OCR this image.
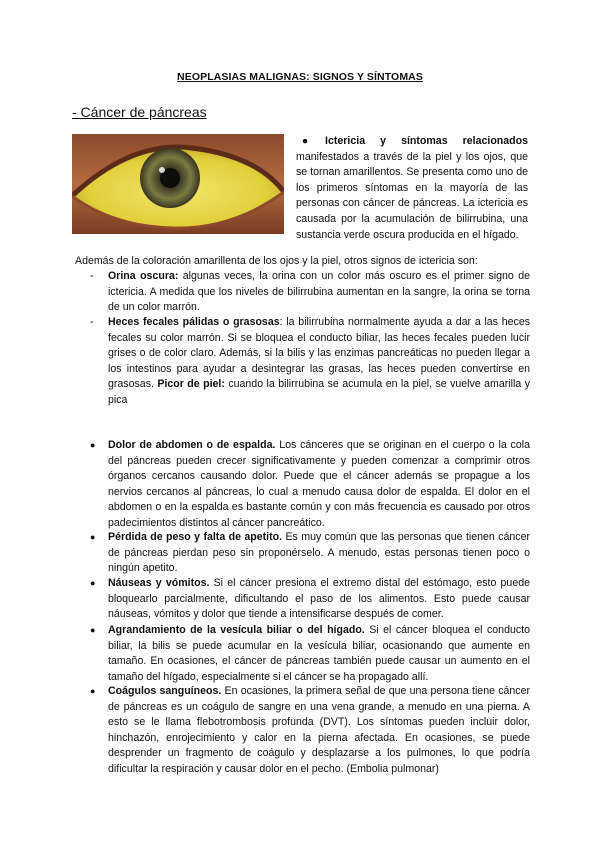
NEOPLASIAS MALIGNAS: SIGNOS Y SÍNTOMAS
- Cáncer de páncreas
● Ictericia y síntomas relacionados manifestados a través de la piel y los ojos, que se tornan amarillentos. Se presenta como uno de los primeros síntomas en la mayoría de las personas con cáncer de páncreas. La ictericia es causada por la acumulación de bilirrubina, una sustancia verde oscura producida en el hígado.
Además de la coloración amarillenta de los ojos y la piel, otros signos de ictericia son:
- Orina oscura: algunas veces, la orina con un color más oscuro es el primer signo de ictericia. A medida que los niveles de bilirrubina aumentan en la sangre, la orina se torna de un color marrón.
- Heces fecales pálidas o grasosas: la bilirrubina normalmente ayuda a dar a las heces fecales su color marrón. Si se bloquea el conducto biliar, las heces fecales pueden lucir grises o de color claro. Además, si la bilis y las enzimas pancreáticas no pueden llegar a los intestinos para ayudar a desintegrar las grasas, las heces pueden convertirse en grasosas. Picor de piel: cuando la bilirrubina se acumula en la piel, se vuelve amarilla y pica
● Dolor de abdomen o de espalda. Los cánceres que se originan en el cuerpo o la cola del páncreas pueden crecer significativamente y pueden comenzar a comprimir otros órganos cercanos causando dolor. Puede que el cáncer además se propague a los nervios cercanos al páncreas, lo cual a menudo causa dolor de espalda. El dolor en el abdomen o en la espalda es bastante común y con más frecuencia es causado por otros padecimientos distintos al cáncer pancreático.
● Pérdida de peso y falta de apetito. Es muy común que las personas que tienen cáncer de páncreas pierdan peso sin proponérselo. A menudo, estas personas tienen poco o ningún apetito.
● Náuseas y vómitos. Si el cáncer presiona el extremo distal del estómago, esto puede bloquearlo parcialmente, dificultando el paso de los alimentos. Esto puede causar náuseas, vómitos y dolor que tiende a intensificarse después de comer.
● Agrandamiento de la vesícula biliar o del hígado. Si el cáncer bloquea el conducto biliar, la bilis se puede acumular en la vesícula biliar, ocasionando que aumente en tamaño. En ocasiones, el cáncer de páncreas también puede causar un aumento en el tamaño del hígado, especialmente si el cáncer se ha propagado allí.
● Coágulos sanguíneos. En ocasiones, la primera señal de que una persona tiene cáncer de páncreas es un coágulo de sangre en una vena grande, a menudo en una pierna. A esto se le llama flebotrombosis profunda (DVT). Los síntomas pueden incluir dolor, hinchazón, enrojecimiento y calor en la pierna afectada. En ocasiones, se puede desprender un fragmento de coágulo y desplazarse a los pulmones, lo que podría dificultar la respiración y causar dolor en el pecho. (Embolia pulmonar)
